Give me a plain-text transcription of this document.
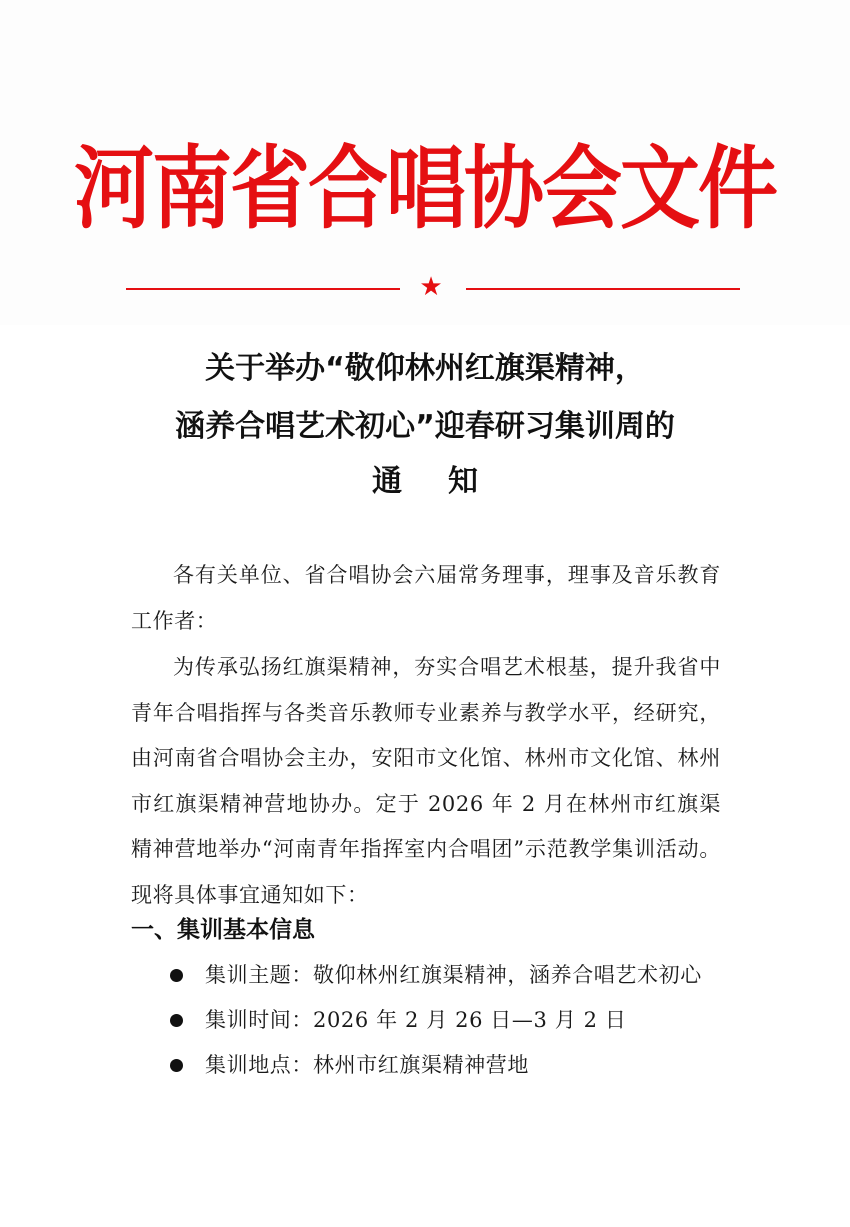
河南省合唱协会文件
★
关于举办“敬仰林州红旗渠精神，
涵养合唱艺术初心”迎春研习集训周的
通知

各有关单位、省合唱协会六届常务理事，理事及音乐教育工作者：

为传承弘扬红旗渠精神，夯实合唱艺术根基，提升我省中青年合唱指挥与各类音乐教师专业素养与教学水平，经研究，由河南省合唱协会主办，安阳市文化馆、林州市文化馆、林州市红旗渠精神营地协办。定于 2026 年 2 月在林州市红旗渠精神营地举办“河南青年指挥室内合唱团”示范教学集训活动。现将具体事宜通知如下：

一、集训基本信息
集训主题：敬仰林州红旗渠精神，涵养合唱艺术初心
集训时间：2026 年 2 月 26 日—3 月 2 日
集训地点：林州市红旗渠精神营地
